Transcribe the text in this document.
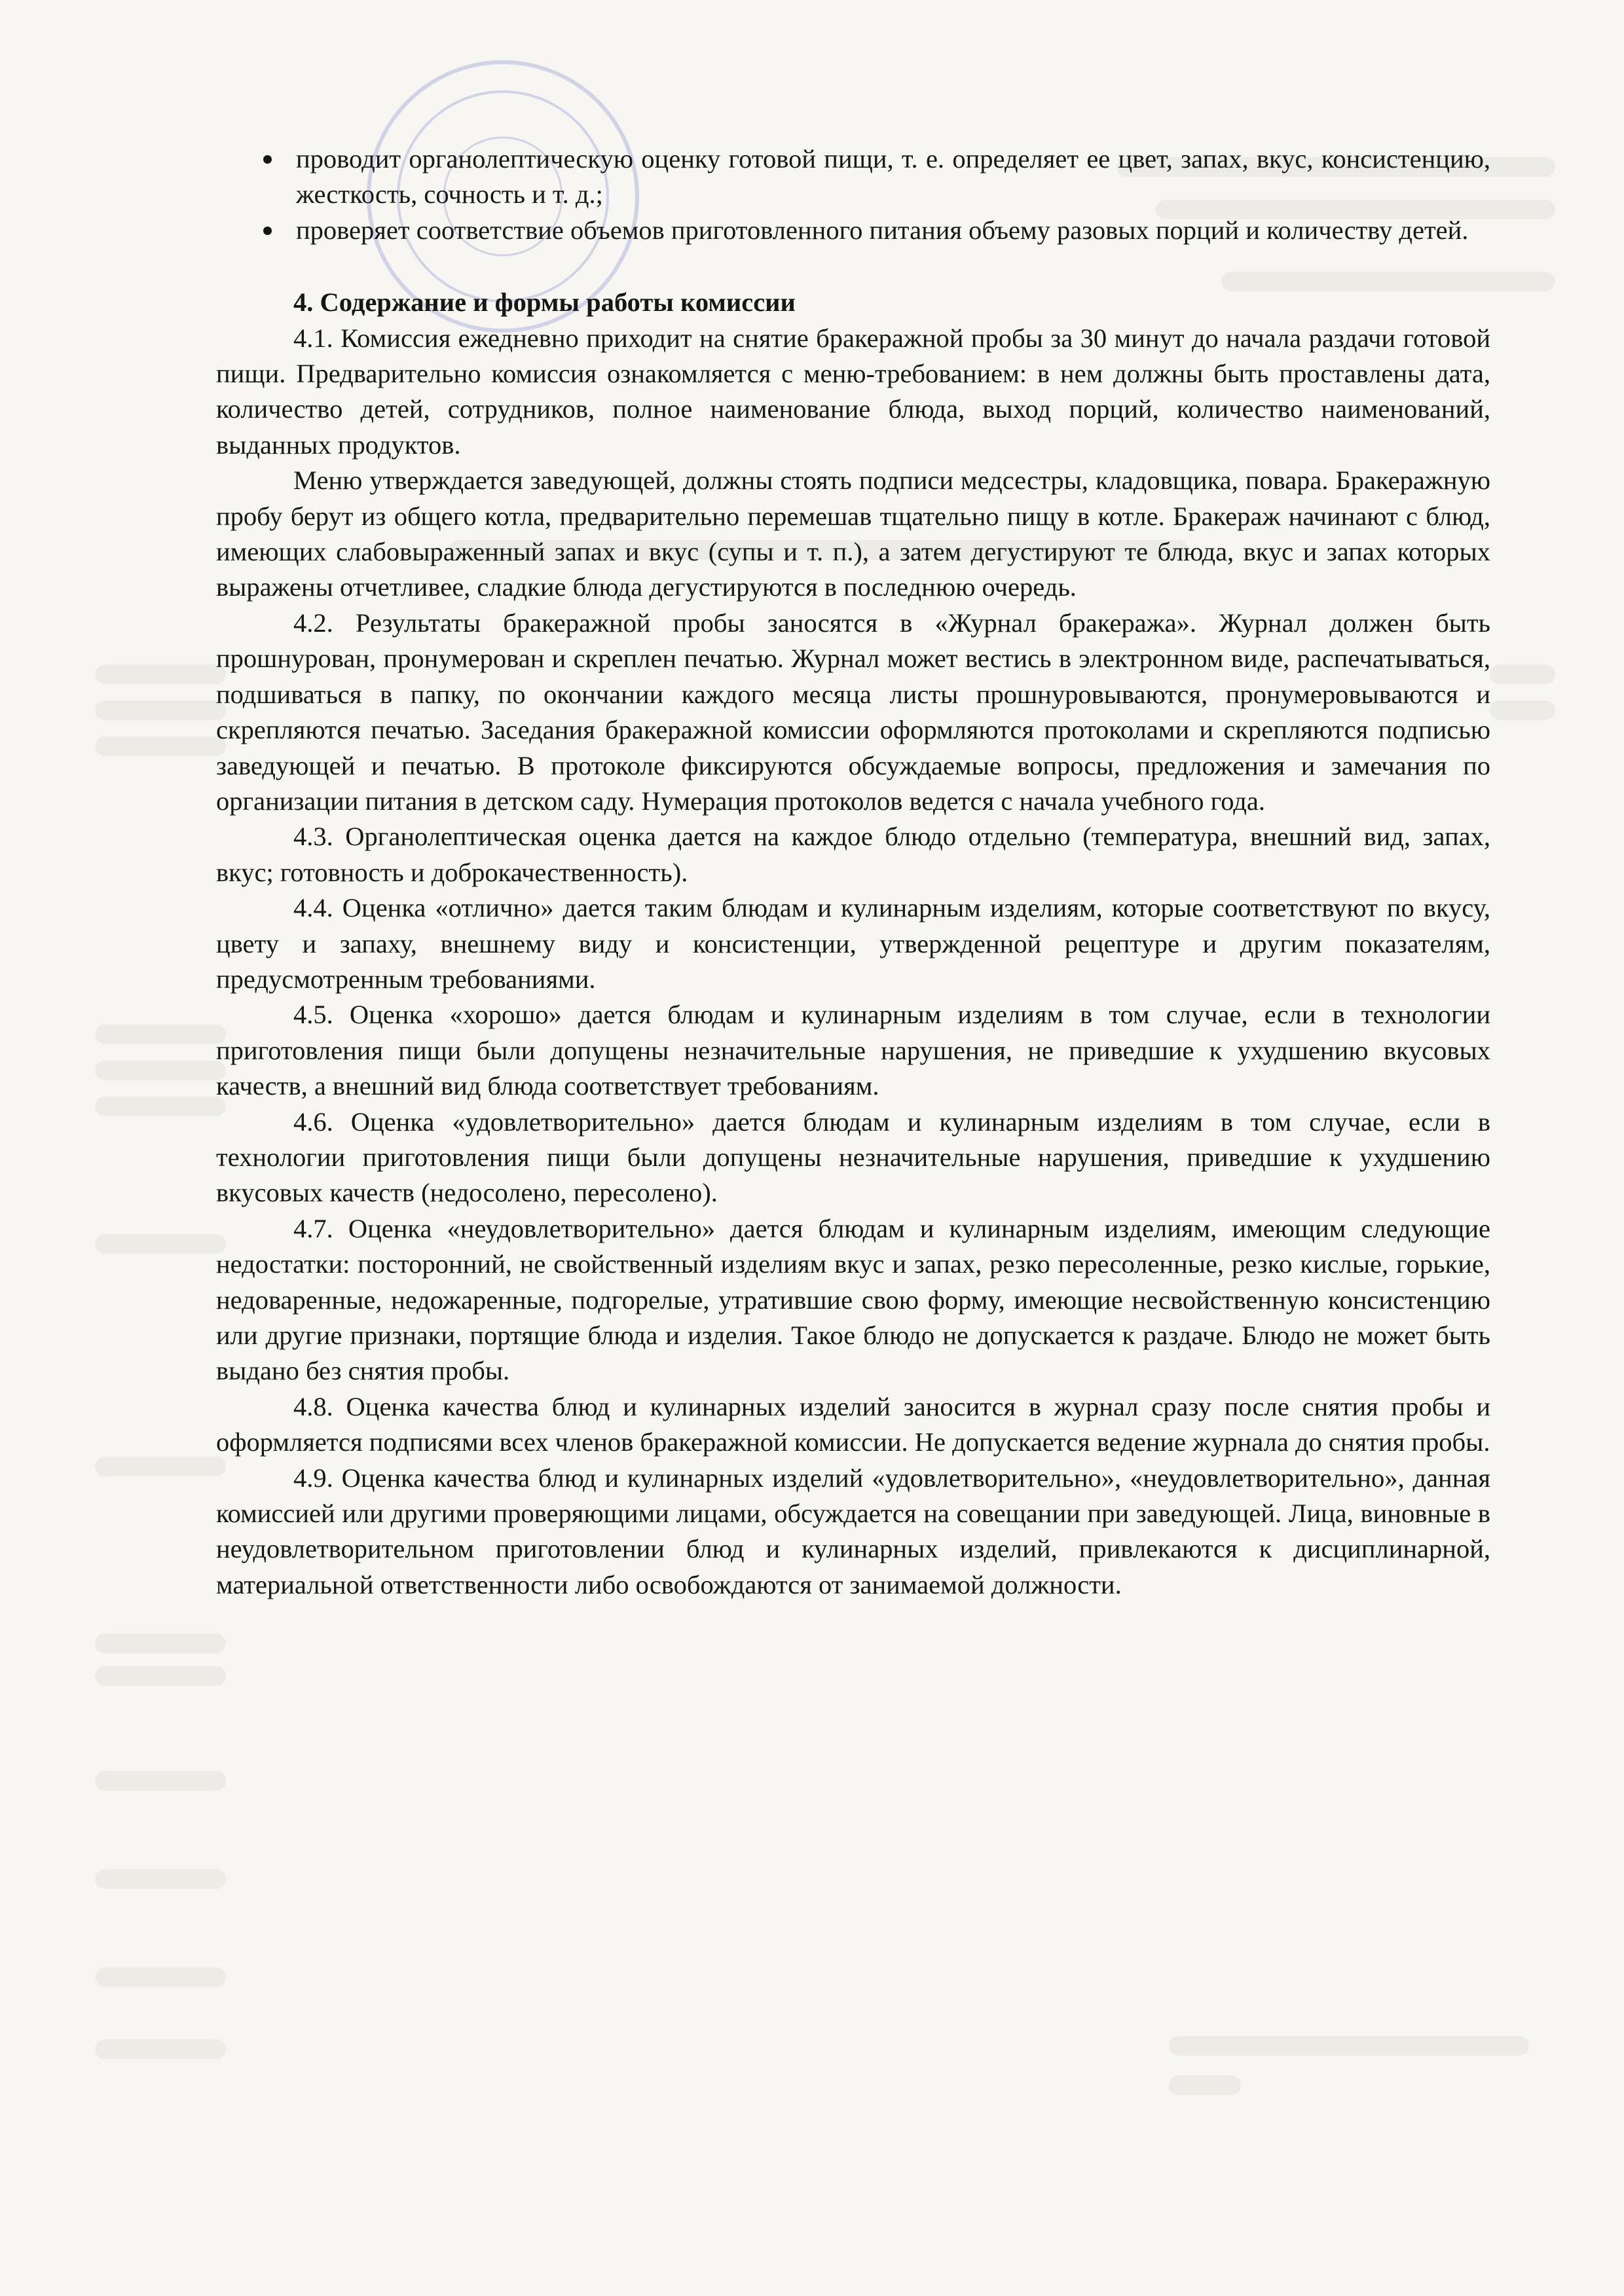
проводит органолептическую оценку готовой пищи, т. е. определяет ее цвет, запах, вкус, консистенцию, жесткость, сочность и т. д.;
проверяет соответствие объемов приготовленного питания объему разовых порций и количеству детей.
4. Содержание и формы работы комиссии

4.1. Комиссия ежедневно приходит на снятие бракеражной пробы за 30 минут до начала раздачи готовой пищи. Предварительно комиссия ознакомляется с меню-требованием: в нем должны быть проставлены дата, количество детей, сотрудников, полное наименование блюда, выход порций, количество наименований, выданных продуктов.

Меню утверждается заведующей, должны стоять подписи медсестры, кладовщика, повара. Бракеражную пробу берут из общего котла, предварительно перемешав тщательно пищу в котле. Бракераж начинают с блюд, имеющих слабовыраженный запах и вкус (супы и т. п.), а затем дегустируют те блюда, вкус и запах которых выражены отчетливее, сладкие блюда дегустируются в последнюю очередь.

4.2. Результаты бракеражной пробы заносятся в «Журнал бракеража». Журнал должен быть прошнурован, пронумерован и скреплен печатью. Журнал может вестись в электронном виде, распечатываться, подшиваться в папку, по окончании каждого месяца листы прошнуровываются, пронумеровываются и скрепляются печатью. Заседания бракеражной комиссии оформляются протоколами и скрепляются подписью заведующей и печатью. В протоколе фиксируются обсуждаемые вопросы, предложения и замечания по организации питания в детском саду. Нумерация протоколов ведется с начала учебного года.

4.3. Органолептическая оценка дается на каждое блюдо отдельно (температура, внешний вид, запах, вкус; готовность и доброкачественность).

4.4. Оценка «отлично» дается таким блюдам и кулинарным изделиям, которые соответствуют по вкусу, цвету и запаху, внешнему виду и консистенции, утвержденной рецептуре и другим показателям, предусмотренным требованиями.

4.5. Оценка «хорошо» дается блюдам и кулинарным изделиям в том случае, если в технологии приготовления пищи были допущены незначительные нарушения, не приведшие к ухудшению вкусовых качеств, а внешний вид блюда соответствует требованиям.

4.6. Оценка «удовлетворительно» дается блюдам и кулинарным изделиям в том случае, если в технологии приготовления пищи были допущены незначительные нарушения, приведшие к ухудшению вкусовых качеств (недосолено, пересолено).

4.7. Оценка «неудовлетворительно» дается блюдам и кулинарным изделиям, имеющим следующие недостатки: посторонний, не свойственный изделиям вкус и запах, резко пересоленные, резко кислые, горькие, недоваренные, недожаренные, подгорелые, утратившие свою форму, имеющие несвойственную консистенцию или другие признаки, портящие блюда и изделия. Такое блюдо не допускается к раздаче. Блюдо не может быть выдано без снятия пробы.

4.8. Оценка качества блюд и кулинарных изделий заносится в журнал сразу после снятия пробы и оформляется подписями всех членов бракеражной комиссии. Не допускается ведение журнала до снятия пробы.

4.9. Оценка качества блюд и кулинарных изделий «удовлетворительно», «неудовлетворительно», данная комиссией или другими проверяющими лицами, обсуждается на совещании при заведующей. Лица, виновные в неудовлетворительном приготовлении блюд и кулинарных изделий, привлекаются к дисциплинарной, материальной ответственности либо освобождаются от занимаемой должности.
